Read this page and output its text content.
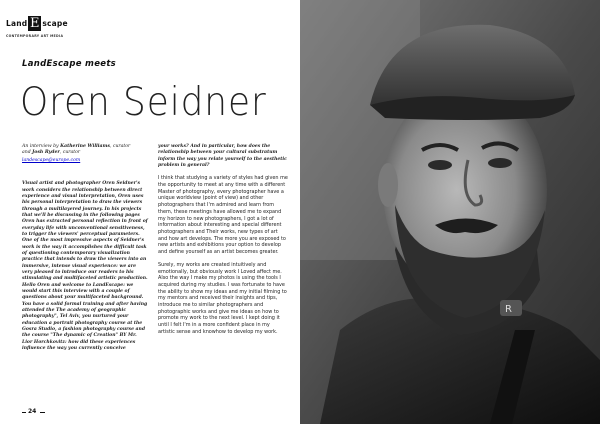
Land E scape
CONTEMPORARY ART MEDIA
LandEscape meets
Oren Seidner
An interview by Katherine Williams, curator
and Josh Ryder, curator
landescape@europe.com
Visual artist and photographer Oren Seidner's work considers the relationship between direct experience and visual interpretation, Oren uses his personal interpretation to draw the viewers through a multilayered journey. In his projects that we'll be discussing in the following pages Oren has extracted personal reflection in front of everyday life with unconventional sensitiveness, to trigger the viewers' perceptual parameters. One of the most impressive aspects of Seidner's work is the way it accomplishes the difficult task of questioning contemporary visualization practice that intends to draw the viewers into an immersive, intense visual experience: we are very pleased to introduce our readers to his stimulating and multifaceted artistic production.
Hello Oren and welcome to LandEscape: we would start this interview with a couple of questions about your multifaceted background. You have a solid formal training and after having attended the The academy of geographic photography", Tel Aviv, you nurtured your education a portrait photography course at the Gosra Studio, a fashion photography course and the course "The dynamic of Creation" BY Mr. Lior Horchkovitz: how did these experiences influence the way you currently conceive
your works? And in particular, how does the relationship between your cultural substratum inform the way you relate yourself to the aesthetic problem in general?

I think that studying a variety of styles had given me the opportunity to meet at any time with a different Master of photography, every photographer have a unique worldview (point of view) and other photographers that I'm admired and learn from them, these meetings have allowed me to expand my horizon to new photographers, I got a lot of information about interesting and special different photographers and Their works, new types of art and how art develops. The more you are exposed to new artists and exhibitions your option to develop and define yourself as an artist becomes greater.

Surely, my works are created intuitively and emotionally, but obviously work I Loved affect me. Also the way I make my photos is using the tools I acquired during my studies. I was fortunate to have the ability to show my ideas and my initial filming to my mentors and received their insights and tips, introduce me to similar photographers and photographic works and give me ideas on how to promote my work to the next level. I kept doing it until I felt I'm in a more confident place in my artistic sense and knowhow to develop my work.

24
R
